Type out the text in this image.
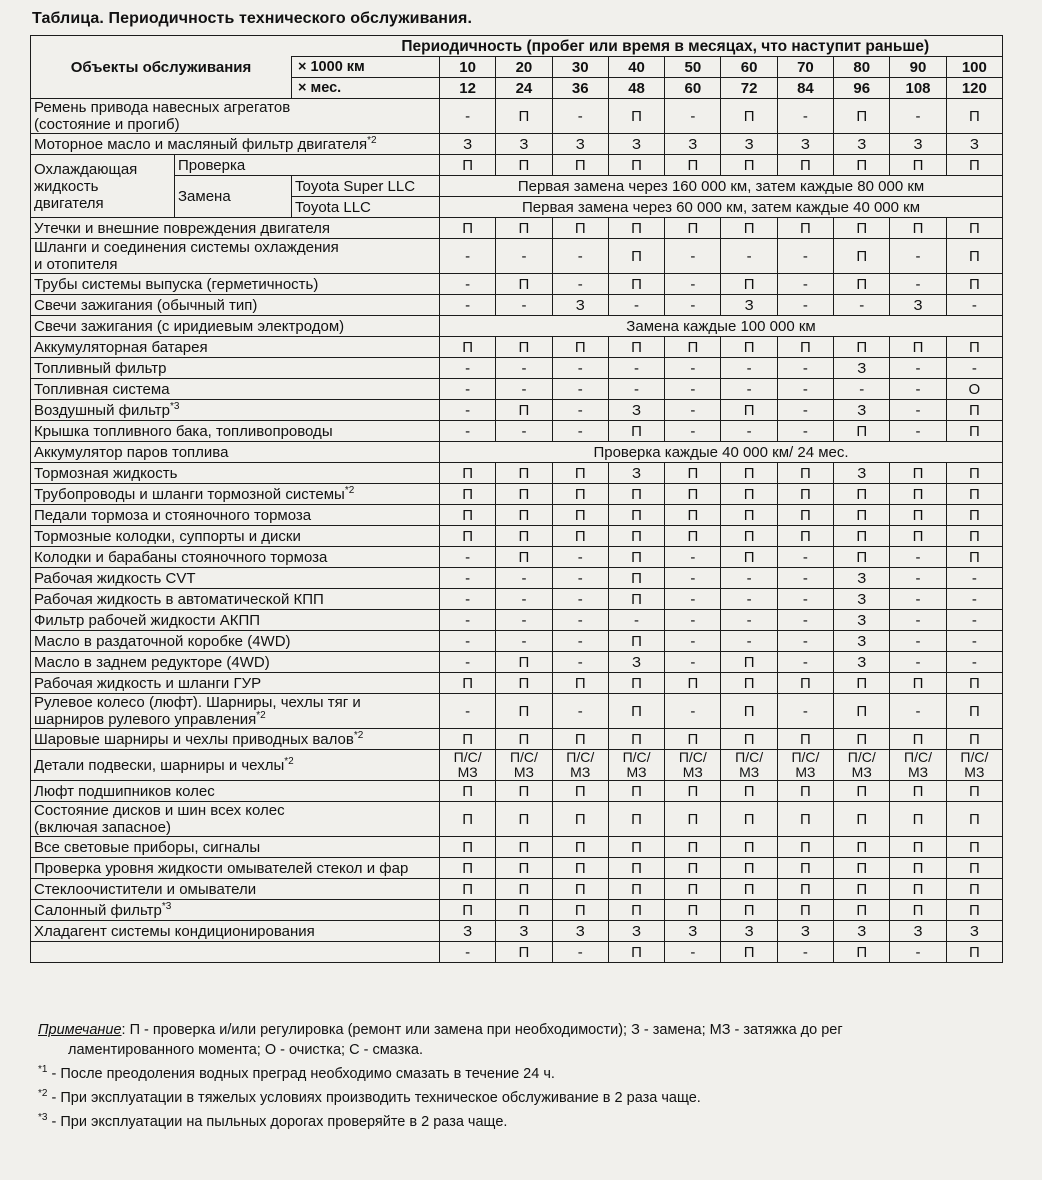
Таблица. Периодичность технического обслуживания.
Объекты обслуживания		Периодичность (пробег или время в месяцах, что наступит раньше)										
		× 1000 км	10	20	30	40	50	60	70	80	90	100
		× мес.	12	24	36	48	60	72	84	96	108	120
Ремень привода навесных агрегатов
(состояние и прогиб)			-	П	-	П	-	П	-	П	-	П
Моторное масло и масляный фильтр двигателя$^{*2}$			З	З	З	З	З	З	З	З	З	З
Охлаждающая
жидкость
двигателя	Проверка		П	П	П	П	П	П	П	П	П	П
	Замена	Toyota Super LLC	Первая замена через 160 000 км, затем каждые 80 000 км									
		Toyota LLC	Первая замена через 60 000 км, затем каждые 40 000 км									
Утечки и внешние повреждения двигателя			П	П	П	П	П	П	П	П	П	П
Шланги и соединения системы охлаждения
и отопителя			-	-	-	П	-	-	-	П	-	П
Трубы системы выпуска (герметичность)			-	П	-	П	-	П	-	П	-	П
Свечи зажигания (обычный тип)			-	-	З	-	-	З	-	-	З	-
Свечи зажигания (с иридиевым электродом)			Замена каждые 100 000 км									
Аккумуляторная батарея			П	П	П	П	П	П	П	П	П	П
Топливный фильтр			-	-	-	-	-	-	-	З	-	-
Топливная система			-	-	-	-	-	-	-	-	-	О
Воздушный фильтр$^{*3}$			-	П	-	З	-	П	-	З	-	П
Крышка топливного бака, топливопроводы			-	-	-	П	-	-	-	П	-	П
Аккумулятор паров топлива			Проверка каждые 40 000 км/ 24 мес.									
Тормозная жидкость			П	П	П	З	П	П	П	З	П	П
Трубопроводы и шланги тормозной системы$^{*2}$			П	П	П	П	П	П	П	П	П	П
Педали тормоза и стояночного тормоза			П	П	П	П	П	П	П	П	П	П
Тормозные колодки, суппорты и диски			П	П	П	П	П	П	П	П	П	П
Колодки и барабаны стояночного тормоза			-	П	-	П	-	П	-	П	-	П
Рабочая жидкость CVT			-	-	-	П	-	-	-	З	-	-
Рабочая жидкость в автоматической КПП			-	-	-	П	-	-	-	З	-	-
Фильтр рабочей жидкости АКПП			-	-	-	-	-	-	-	З	-	-
Масло в раздаточной коробке (4WD)			-	-	-	П	-	-	-	З	-	-
Масло в заднем редукторе (4WD)			-	П	-	З	-	П	-	З	-	-
Рабочая жидкость и шланги ГУР			П	П	П	П	П	П	П	П	П	П
Рулевое колесо (люфт). Шарниры, чехлы тяг и
шарниров рулевого управления$^{*2}$			-	П	-	П	-	П	-	П	-	П
Шаровые шарниры и чехлы приводных валов$^{*2}$			П	П	П	П	П	П	П	П	П	П
Детали подвески, шарниры и чехлы$^{*2}$			П/С/ МЗ	П/С/ МЗ	П/С/ МЗ	П/С/ МЗ	П/С/ МЗ	П/С/ МЗ	П/С/ МЗ	П/С/ МЗ	П/С/ МЗ	П/С/ МЗ
Люфт подшипников колес			П	П	П	П	П	П	П	П	П	П
Состояние дисков и шин всех колес
(включая запасное)			П	П	П	П	П	П	П	П	П	П
Все световые приборы, сигналы			П	П	П	П	П	П	П	П	П	П
Проверка уровня жидкости омывателей стекол и фар			П	П	П	П	П	П	П	П	П	П
Стеклоочистители и омыватели			П	П	П	П	П	П	П	П	П	П
Салонный фильтр$^{*3}$			П	П	П	П	П	П	П	П	П	П
Хладагент системы кондиционирования			З	З	З	З	З	З	З	З	З	З
			-	П	-	П	-	П	-	П	-	П
Примечание: П - проверка и/или регулировка (ремонт или замена при необходимости); З - замена; МЗ - затяжка до рег
ламентированного момента; О - очистка; С - смазка.
$^{*1}$ - После преодоления водных преград необходимо смазать в течение 24 ч.
$^{*2}$ - При эксплуатации в тяжелых условиях производить техническое обслуживание в 2 раза чаще.
$^{*3}$ - При эксплуатации на пыльных дорогах проверяйте в 2 раза чаще.
